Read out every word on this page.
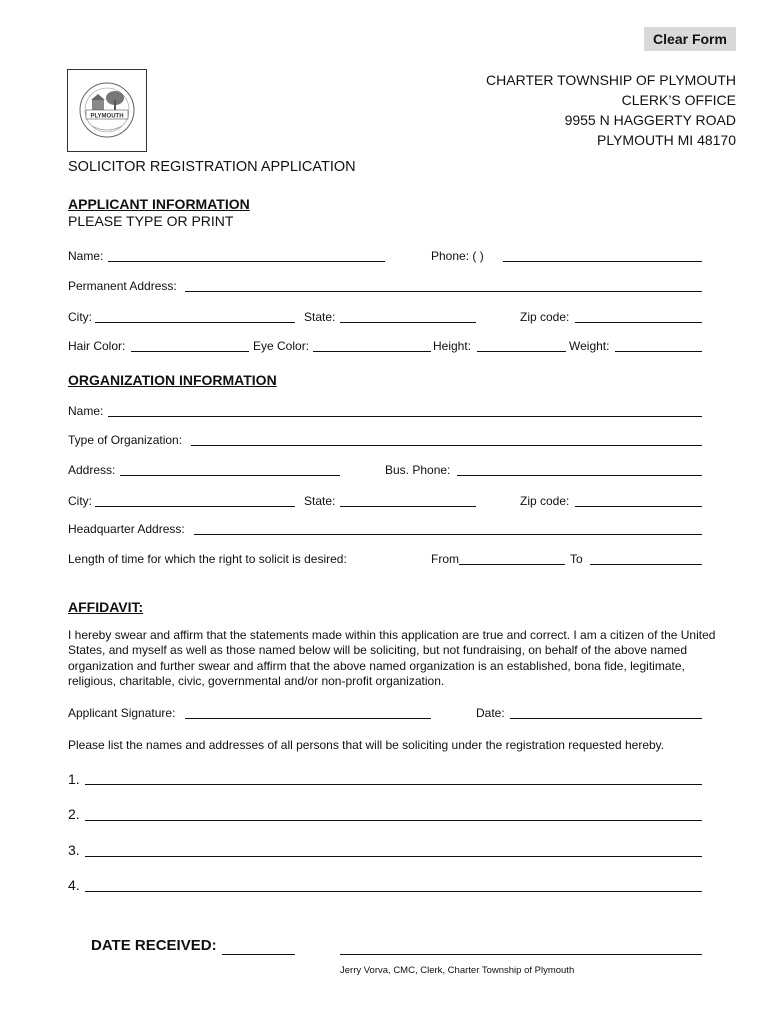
Clear Form
PLYMOUTH
CHARTER TOWNSHIP OF PLYMOUTH
CLERK’S OFFICE
9955 N HAGGERTY ROAD
PLYMOUTH MI 48170
SOLICITOR REGISTRATION APPLICATION
APPLICANT INFORMATION
PLEASE TYPE OR PRINT
Name:	Phone: ( )
Permanent Address:
City:	State:	Zip code:
Hair Color:	Eye Color:	Height:	Weight:
ORGANIZATION INFORMATION
Name:
Type of Organization:
Address:	Bus. Phone:
City:	State:	Zip code:
Headquarter Address:
Length of time for which the right to solicit is desired:	From	To
AFFIDAVIT:
I hereby swear and affirm that the statements made within this application are true and correct. I am a citizen of the United States, and myself as well as those named below will be soliciting, but not fundraising, on behalf of the above named organization and further swear and affirm that the above named organization is an established, bona fide, legitimate, religious, charitable, civic, governmental and/or non-profit organization.
Applicant Signature:	Date:
Please list the names and addresses of all persons that will be soliciting under the registration requested hereby.
1.
2.
3.
4.
DATE RECEIVED:
Jerry Vorva, CMC, Clerk, Charter Township of Plymouth
